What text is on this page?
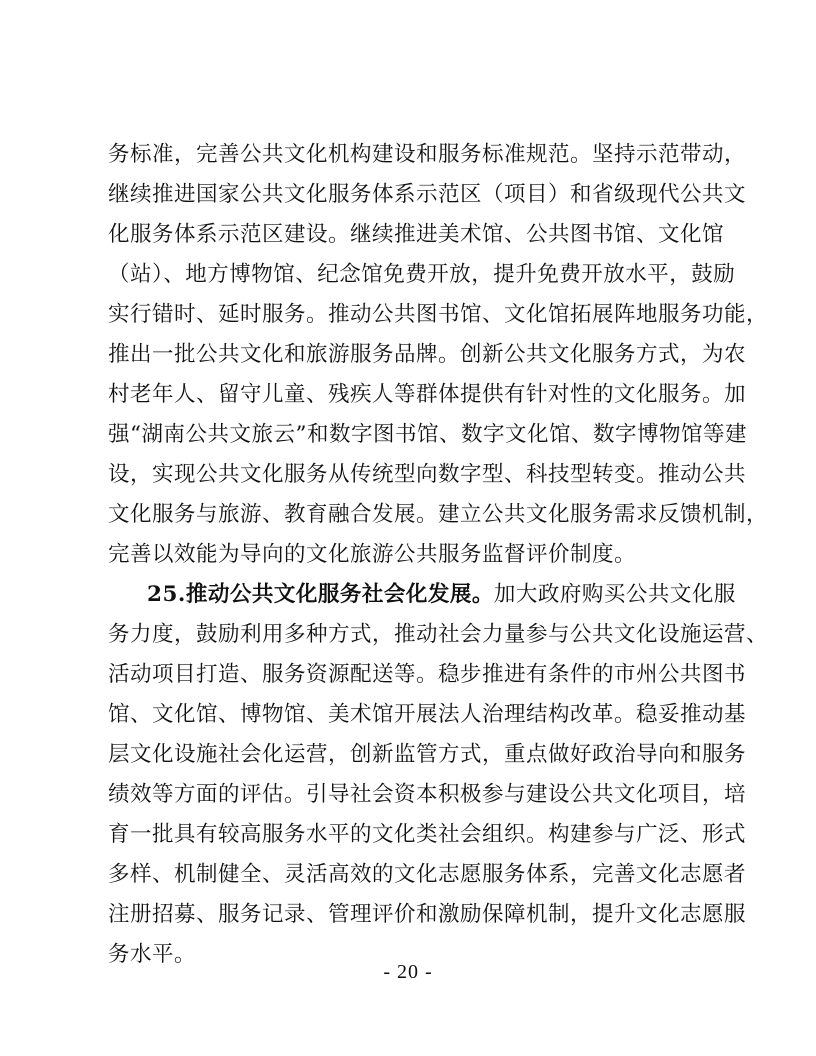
务标准，完善公共文化机构建设和服务标准规范。坚持示范带动，
继续推进国家公共文化服务体系示范区（项目）和省级现代公共文
化服务体系示范区建设。继续推进美术馆、公共图书馆、文化馆
（站）、地方博物馆、纪念馆免费开放，提升免费开放水平，鼓励
实行错时、延时服务。推动公共图书馆、文化馆拓展阵地服务功能，
推出一批公共文化和旅游服务品牌。创新公共文化服务方式，为农
村老年人、留守儿童、残疾人等群体提供有针对性的文化服务。加
强“湖南公共文旅云”和数字图书馆、数字文化馆、数字博物馆等建
设，实现公共文化服务从传统型向数字型、科技型转变。推动公共
文化服务与旅游、教育融合发展。建立公共文化服务需求反馈机制，
完善以效能为导向的文化旅游公共服务监督评价制度。
25.推动公共文化服务社会化发展。加大政府购买公共文化服
务力度，鼓励利用多种方式，推动社会力量参与公共文化设施运营、
活动项目打造、服务资源配送等。稳步推进有条件的市州公共图书
馆、文化馆、博物馆、美术馆开展法人治理结构改革。稳妥推动基
层文化设施社会化运营，创新监管方式，重点做好政治导向和服务
绩效等方面的评估。引导社会资本积极参与建设公共文化项目，培
育一批具有较高服务水平的文化类社会组织。构建参与广泛、形式
多样、机制健全、灵活高效的文化志愿服务体系，完善文化志愿者
注册招募、服务记录、管理评价和激励保障机制，提升文化志愿服
务水平。
- 20 -
